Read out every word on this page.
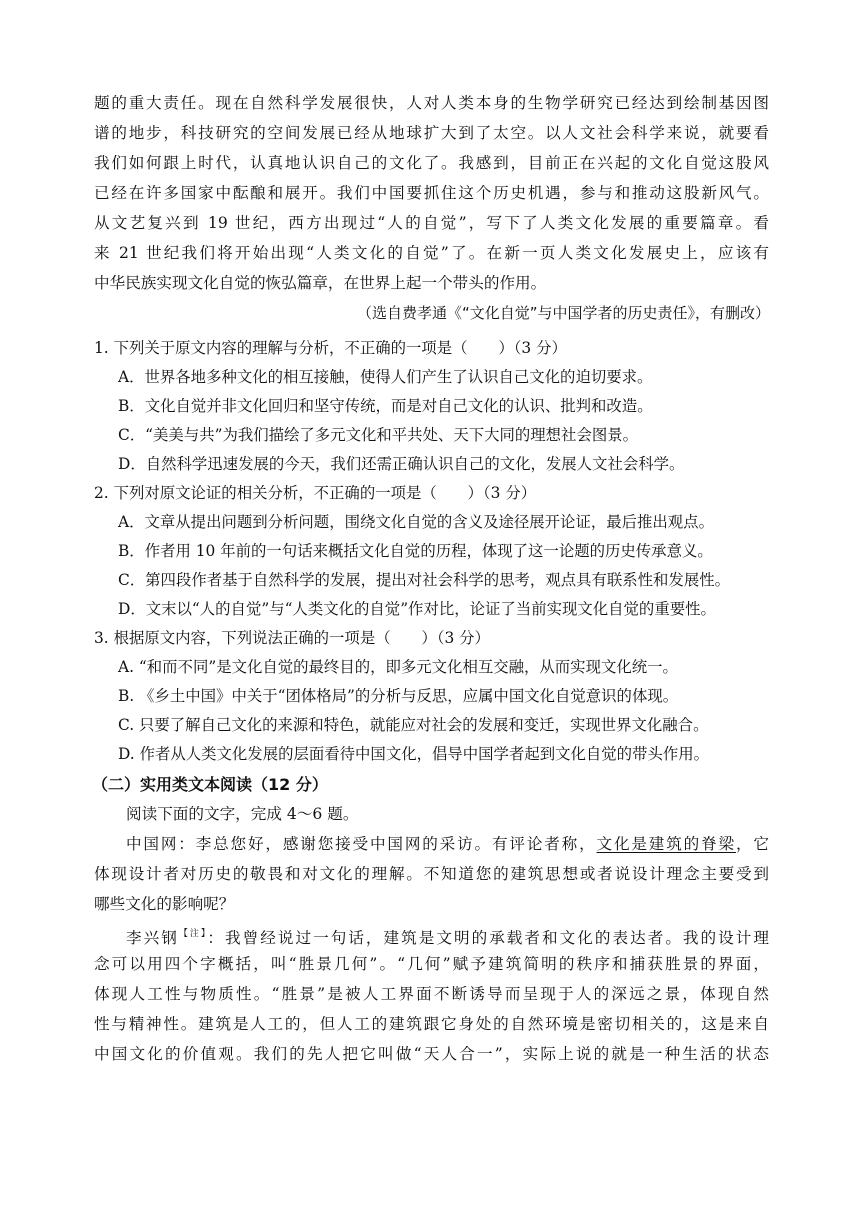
题的重大责任。现在自然科学发展很快，人对人类本身的生物学研究已经达到绘制基因图
谱的地步，科技研究的空间发展已经从地球扩大到了太空。以人文社会科学来说，就要看
我们如何跟上时代，认真地认识自己的文化了。我感到，目前正在兴起的文化自觉这股风
已经在许多国家中酝酿和展开。我们中国要抓住这个历史机遇，参与和推动这股新风气。
从文艺复兴到 19 世纪，西方出现过“人的自觉”，写下了人类文化发展的重要篇章。看
来 21 世纪我们将开始出现“人类文化的自觉”了。在新一页人类文化发展史上，应该有
中华民族实现文化自觉的恢弘篇章，在世界上起一个带头的作用。
（选自费孝通《“文化自觉”与中国学者的历史责任》，有删改）
1. 下列关于原文内容的理解与分析，不正确的一项是（　　）（3 分）
A．世界各地多种文化的相互接触，使得人们产生了认识自己文化的迫切要求。
B．文化自觉并非文化回归和坚守传统，而是对自己文化的认识、批判和改造。
C．“美美与共”为我们描绘了多元文化和平共处、天下大同的理想社会图景。
D．自然科学迅速发展的今天，我们还需正确认识自己的文化，发展人文社会科学。
2. 下列对原文论证的相关分析，不正确的一项是（　　）（3 分）
A．文章从提出问题到分析问题，围绕文化自觉的含义及途径展开论证，最后推出观点。
B．作者用 10 年前的一句话来概括文化自觉的历程，体现了这一论题的历史传承意义。
C．第四段作者基于自然科学的发展，提出对社会科学的思考，观点具有联系性和发展性。
D．文末以“人的自觉”与“人类文化的自觉”作对比，论证了当前实现文化自觉的重要性。
3. 根据原文内容，下列说法正确的一项是（　　）（3 分）
A. “和而不同”是文化自觉的最终目的，即多元文化相互交融，从而实现文化统一。
B. 《乡土中国》中关于“团体格局”的分析与反思，应属中国文化自觉意识的体现。
C. 只要了解自己文化的来源和特色，就能应对社会的发展和变迁，实现世界文化融合。
D. 作者从人类文化发展的层面看待中国文化，倡导中国学者起到文化自觉的带头作用。
（二）实用类文本阅读（12 分）
阅读下面的文字，完成 4～6 题。
中国网：李总您好，感谢您接受中国网的采访。有评论者称，文化是建筑的脊梁，它
体现设计者对历史的敬畏和对文化的理解。不知道您的建筑思想或者说设计理念主要受到
哪些文化的影响呢？
李兴钢$^{【注】}$：我曾经说过一句话，建筑是文明的承载者和文化的表达者。我的设计理
念可以用四个字概括，叫“胜景几何”。“几何”赋予建筑简明的秩序和捕获胜景的界面，
体现人工性与物质性。“胜景”是被人工界面不断诱导而呈现于人的深远之景，体现自然
性与精神性。建筑是人工的，但人工的建筑跟它身处的自然环境是密切相关的，这是来自
中国文化的价值观。我们的先人把它叫做“天人合一”，实际上说的就是一种生活的状态
